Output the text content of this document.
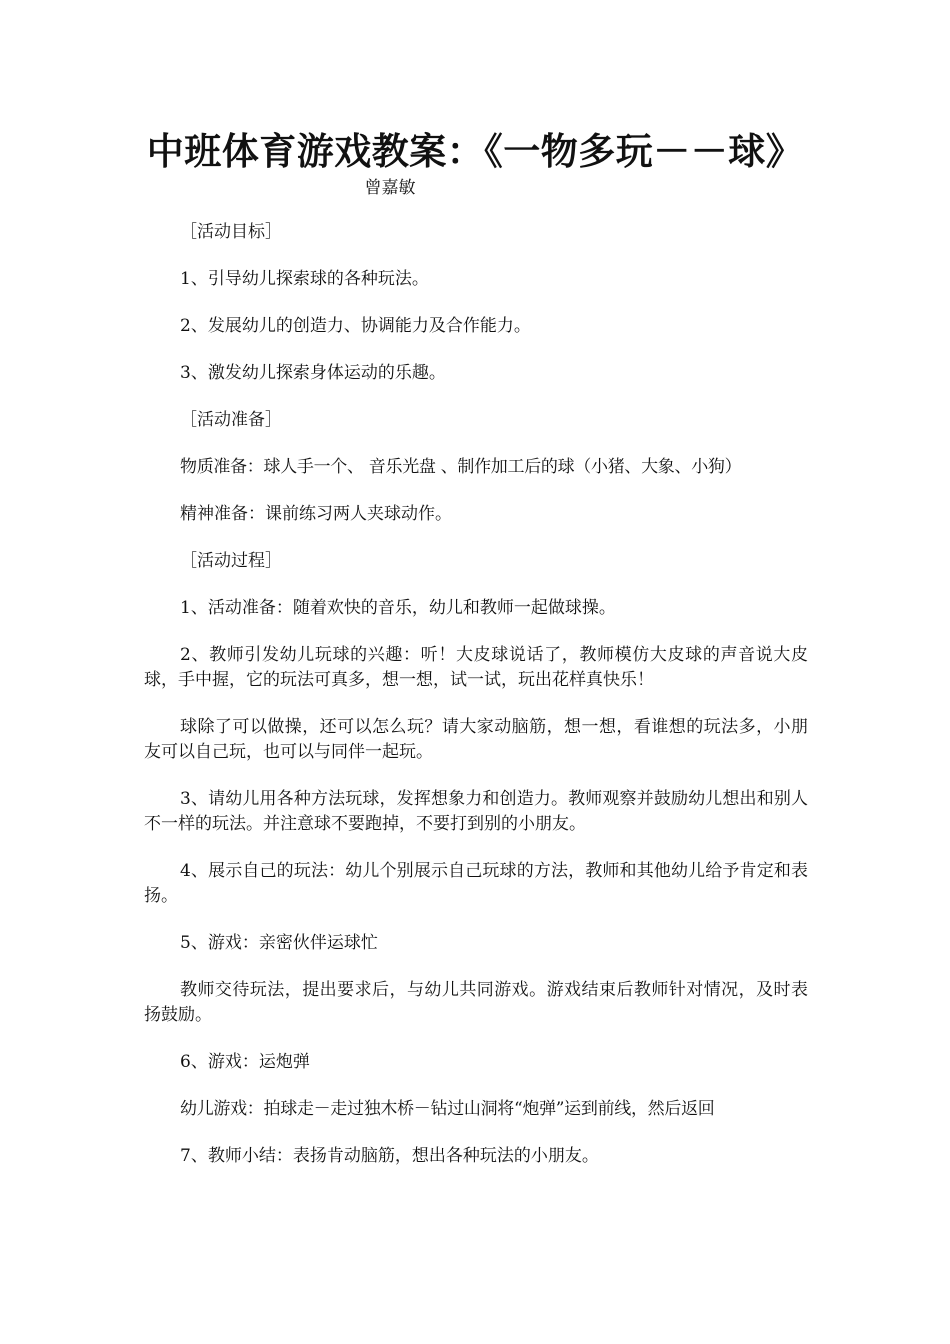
中班体育游戏教案：《一物多玩－－球》
曾嘉敏

［活动目标］

1、引导幼儿探索球的各种玩法。

2、发展幼儿的创造力、协调能力及合作能力。

3、激发幼儿探索身体运动的乐趣。

［活动准备］

物质准备：球人手一个、 音乐光盘 、制作加工后的球（小猪、大象、小狗）

精神准备：课前练习两人夹球动作。

［活动过程］

1、活动准备：随着欢快的音乐，幼儿和教师一起做球操。

2、教师引发幼儿玩球的兴趣：听！大皮球说话了，教师模仿大皮球的声音说大皮球，手中握，它的玩法可真多，想一想，试一试，玩出花样真快乐！

球除了可以做操，还可以怎么玩？请大家动脑筋，想一想，看谁想的玩法多，小朋友可以自己玩，也可以与同伴一起玩。

3、请幼儿用各种方法玩球，发挥想象力和创造力。教师观察并鼓励幼儿想出和别人不一样的玩法。并注意球不要跑掉，不要打到别的小朋友。

4、展示自己的玩法：幼儿个别展示自己玩球的方法，教师和其他幼儿给予肯定和表扬。

5、游戏：亲密伙伴运球忙

教师交待玩法，提出要求后，与幼儿共同游戏。游戏结束后教师针对情况，及时表扬鼓励。

6、游戏：运炮弹

幼儿游戏：拍球走－走过独木桥－钻过山洞将“炮弹”运到前线，然后返回

7、教师小结：表扬肯动脑筋，想出各种玩法的小朋友。
